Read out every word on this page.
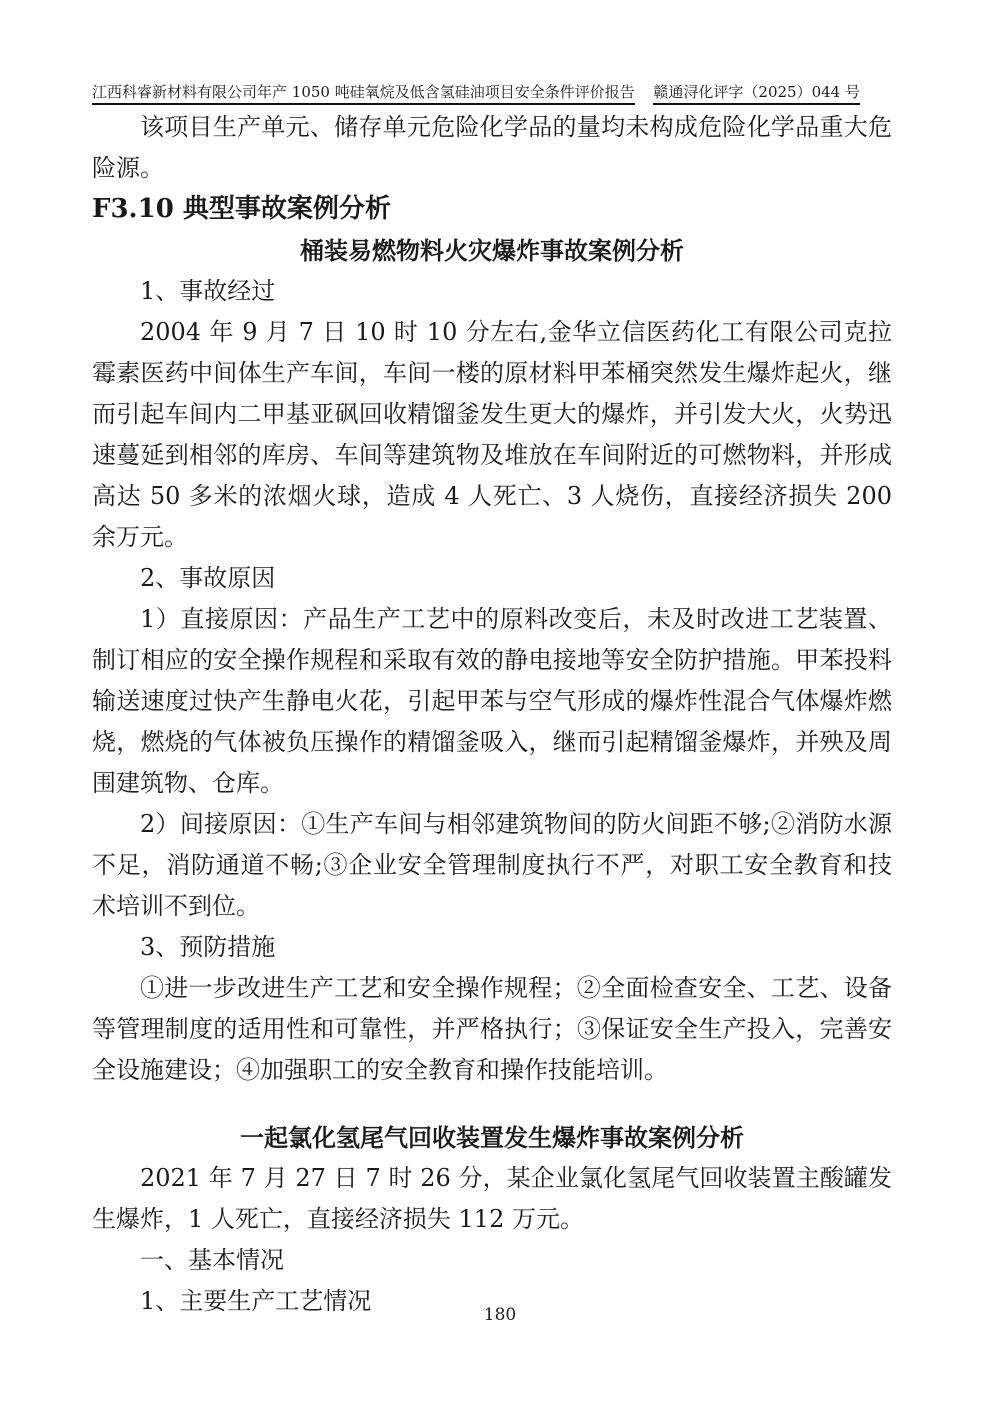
江西科睿新材料有限公司年产 1050 吨硅氧烷及低含氢硅油项目安全条件评价报告 赣通浔化评字（2025）044 号

该项目生产单元、储存单元危险化学品的量均未构成危险化学品重大危险源。

F3.10 典型事故案例分析

桶装易燃物料火灾爆炸事故案例分析

1、事故经过

2004 年 9 月 7 日 10 时 10 分左右,金华立信医药化工有限公司克拉霉素医药中间体生产车间，车间一楼的原材料甲苯桶突然发生爆炸起火，继而引起车间内二甲基亚砜回收精馏釜发生更大的爆炸，并引发大火，火势迅速蔓延到相邻的库房、车间等建筑物及堆放在车间附近的可燃物料，并形成高达 50 多米的浓烟火球，造成 4 人死亡、3 人烧伤，直接经济损失 200 余万元。

2、事故原因

1）直接原因：产品生产工艺中的原料改变后，未及时改进工艺装置、制订相应的安全操作规程和采取有效的静电接地等安全防护措施。甲苯投料输送速度过快产生静电火花，引起甲苯与空气形成的爆炸性混合气体爆炸燃烧，燃烧的气体被负压操作的精馏釜吸入，继而引起精馏釜爆炸，并殃及周围建筑物、仓库。

2）间接原因：①生产车间与相邻建筑物间的防火间距不够;②消防水源不足，消防通道不畅;③企业安全管理制度执行不严，对职工安全教育和技术培训不到位。

3、预防措施

①进一步改进生产工艺和安全操作规程；②全面检查安全、工艺、设备等管理制度的适用性和可靠性，并严格执行；③保证安全生产投入，完善安全设施建设；④加强职工的安全教育和操作技能培训。

一起氯化氢尾气回收装置发生爆炸事故案例分析

2021 年 7 月 27 日 7 时 26 分，某企业氯化氢尾气回收装置主酸罐发生爆炸，1 人死亡，直接经济损失 112 万元。

一、基本情况

1、主要生产工艺情况	180
